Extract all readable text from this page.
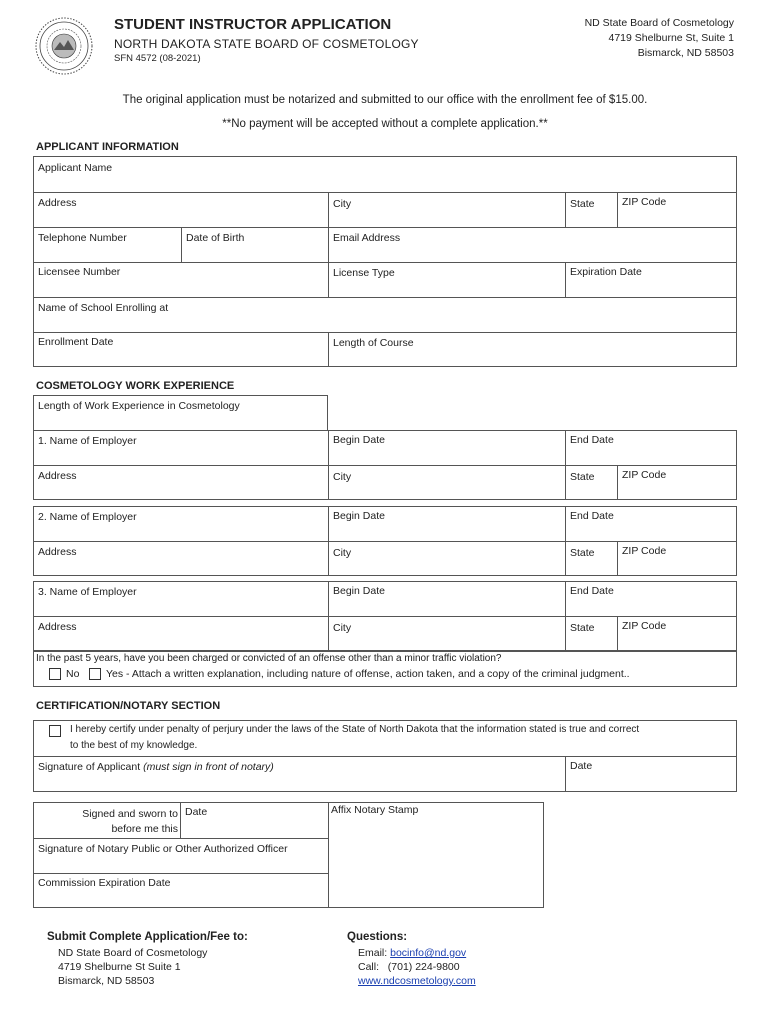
STUDENT INSTRUCTOR APPLICATION
NORTH DAKOTA STATE BOARD OF COSMETOLOGY
SFN 4572 (08-2021)
ND State Board of Cosmetology
4719 Shelburne St, Suite 1
Bismarck, ND 58503
The original application must be notarized and submitted to our office with the enrollment fee of $15.00.
**No payment will be accepted without a complete application.**
APPLICANT INFORMATION
Applicant Name
Address	City	State	ZIP Code
Telephone Number	Date of Birth	Email Address
Licensee Number	License Type	Expiration Date
Name of School Enrolling at
Enrollment Date	Length of Course
COSMETOLOGY WORK EXPERIENCE
Length of Work Experience in Cosmetology
1. Name of Employer	Begin Date	End Date
Address	City	State	ZIP Code
2. Name of Employer	Begin Date	End Date
Address	City	State	ZIP Code
3. Name of Employer	Begin Date	End Date
Address	City	State	ZIP Code
In the past 5 years, have you been charged or convicted of an offense other than a minor traffic violation?
No	Yes - Attach a written explanation, including nature of offense, action taken, and a copy of the criminal judgment..
CERTIFICATION/NOTARY SECTION
I hereby certify under penalty of perjury under the laws of the State of North Dakota that the information stated is true and correct
to the best of my knowledge.
Signature of Applicant (must sign in front of notary)	Date
Signed and sworn to
before me this
Date	Affix Notary Stamp
Signature of Notary Public or Other Authorized Officer
Commission Expiration Date
Submit Complete Application/Fee to:
ND State Board of Cosmetology
4719 Shelburne St Suite 1
Bismarck, ND 58503
Questions:
Email: bocinfo@nd.gov
Call: (701) 224-9800
www.ndcosmetology.com
